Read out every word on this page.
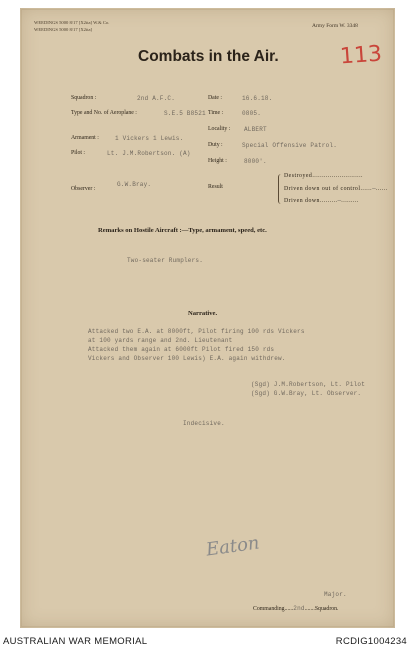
WEEDINGS 5000 8/17 [X2ita] W.& Co.
WEEDINGS 5000 8/17 [X2ita]
Army Form W. 3348
113
Combats in the Air.
Squadron :	2nd A.F.C.
Type and No. of Aeroplane :	S.E.5 B8521
Armament :	1 Vickers 1 Lewis.
Pilot :	Lt. J.M.Robertson. (A)
Observer :
G.W.Bray.
Date :	16.6.18.
Time :	0805.
Locality : ALBERT
Duty :	Special Offensive Patrol.
Height :	8000'.
Result
Destroyed..........................
Driven down out of control......—......
Driven down.........—.........
Remarks on Hostile Aircraft :—Type, armament, speed, etc.
Two-seater Rumplers.
Narrative.
Attacked two E.A. at 8000ft, Pilot firing 100 rds Vickers
at 100 yards range and 2nd. Lieutenant
Attacked them again at 6000ft Pilot fired 150 rds
Vickers and Observer 100 Lewis) E.A. again withdrew.
(Sgd) J.M.Robertson, Lt. Pilot
(Sgd) G.W.Bray, Lt. Observer.
Indecisive.
Eaton
Major.
Commanding......2nd.......Squadron.
AUSTRALIAN WAR MEMORIAL	RCDIG1004234
